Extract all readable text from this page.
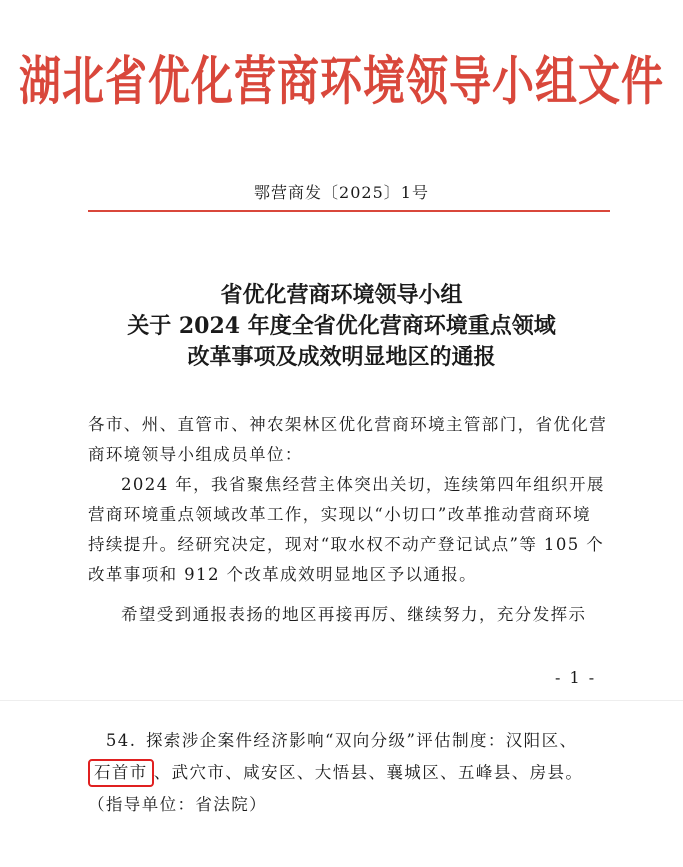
湖北省优化营商环境领导小组文件
鄂营商发〔2025〕1号
省优化营商环境领导小组
关于 2024 年度全省优化营商环境重点领域
改革事项及成效明显地区的通报

各市、州、直管市、神农架林区优化营商环境主管部门，省优化营商环境领导小组成员单位：

2024 年，我省聚焦经营主体突出关切，连续第四年组织开展营商环境重点领域改革工作，实现以“小切口”改革推动营商环境持续提升。经研究决定，现对“取水权不动产登记试点”等 105 个改革事项和 912 个改革成效明显地区予以通报。

希望受到通报表扬的地区再接再厉、继续努力，充分发挥示

- 1 -

　54.  探索涉企案件经济影响“双向分级”评估制度：汉阳区、
石首市 、武穴市、咸安区、大悟县、襄城区、五峰县、房县。（指导单位：省法院）
